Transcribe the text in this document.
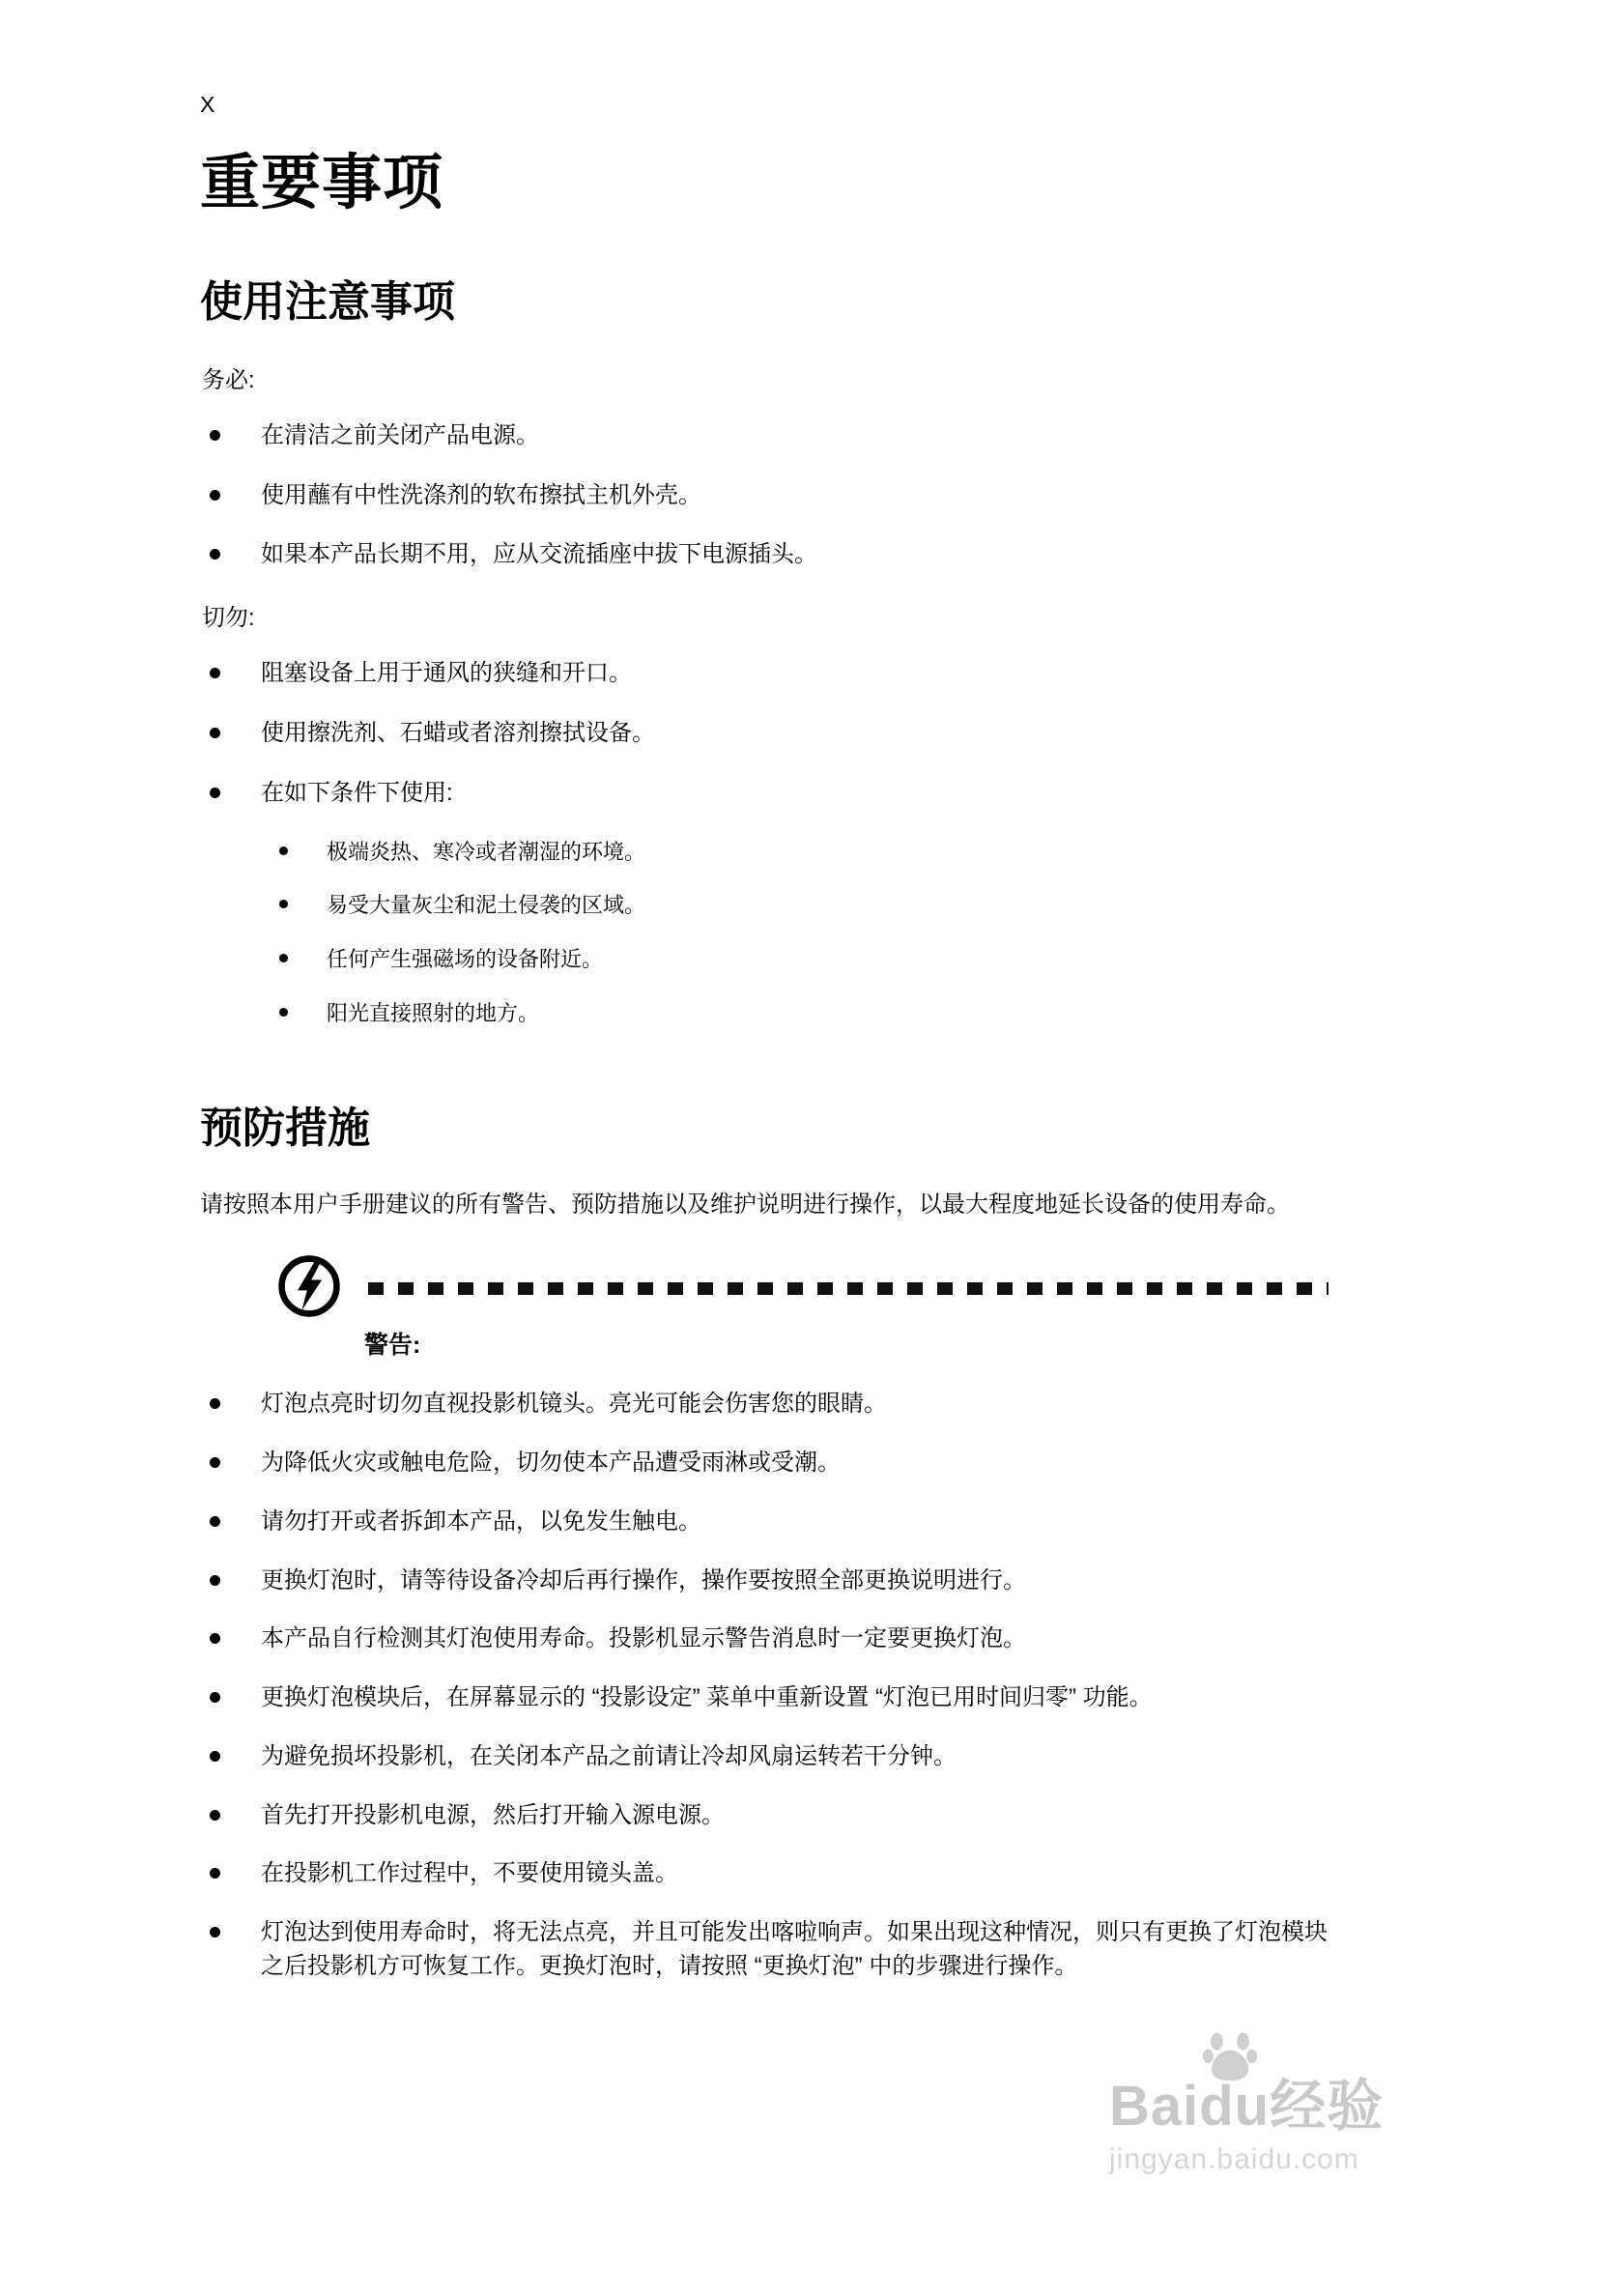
X
重要事项
使用注意事项
务必:
在清洁之前关闭产品电源。
使用蘸有中性洗涤剂的软布擦拭主机外壳。
如果本产品长期不用，应从交流插座中拔下电源插头。
切勿:
阻塞设备上用于通风的狭缝和开口。
使用擦洗剂、石蜡或者溶剂擦拭设备。
在如下条件下使用:
极端炎热、寒冷或者潮湿的环境。
易受大量灰尘和泥土侵袭的区域。
任何产生强磁场的设备附近。
阳光直接照射的地方。
预防措施

请按照本用户手册建议的所有警告、预防措施以及维护说明进行操作，以最大程度地延长设备的使用寿命。

警告:
灯泡点亮时切勿直视投影机镜头。亮光可能会伤害您的眼睛。
为降低火灾或触电危险，切勿使本产品遭受雨淋或受潮。
请勿打开或者拆卸本产品，以免发生触电。
更换灯泡时，请等待设备冷却后再行操作，操作要按照全部更换说明进行。
本产品自行检测其灯泡使用寿命。投影机显示警告消息时一定要更换灯泡。
更换灯泡模块后，在屏幕显示的 “投影设定” 菜单中重新设置 “灯泡已用时间归零” 功能。
为避免损坏投影机，在关闭本产品之前请让冷却风扇运转若干分钟。
首先打开投影机电源，然后打开输入源电源。
在投影机工作过程中，不要使用镜头盖。
灯泡达到使用寿命时，将无法点亮，并且可能发出喀啦响声。如果出现这种情况，则只有更换了灯泡模块之后投影机方可恢复工作。更换灯泡时，请按照 “更换灯泡” 中的步骤进行操作。
Baidu经验
jingyan.baidu.com
